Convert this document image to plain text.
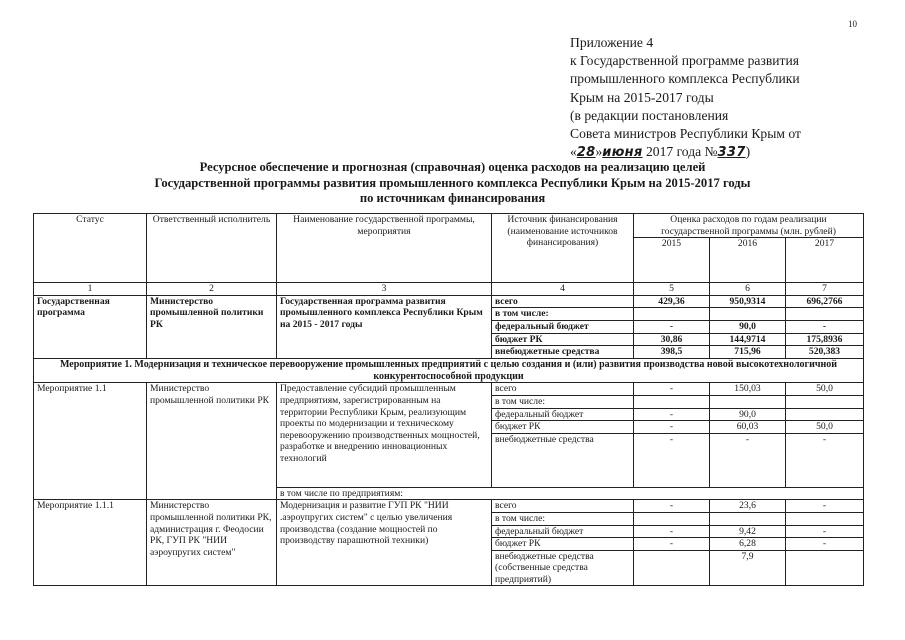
10
Приложение 4
к Государственной программе развития
промышленного комплекса Республики
Крым на 2015-2017 годы
(в редакции постановления
Совета министров Республики Крым от
«28»июня 2017 года №337)
Ресурсное обеспечение и прогнозная (справочная) оценка расходов на реализацию целей
Государственной программы развития промышленного комплекса Республики Крым на 2015-2017 годы
по источникам финансирования
Статус	Ответственный исполнитель	Наименование государственной программы, мероприятия	Источник финансирования (наименование источников финансирования)	Оценка расходов по годам реализации государственной программы (млн. рублей)		
				2015	2016	2017
1	2	3	4	5	6	7
Государственная программа	Министерство промышленной политики РК	Государственная программа развития промышленного комплекса Республики Крым на 2015 - 2017 годы	всего	429,36	950,9314	696,2766
			в том числе:			
			федеральный бюджет	-	90,0	-
			бюджет РК	30,86	144,9714	175,8936
			внебюджетные средства	398,5	715,96	520,383
Мероприятие 1. Модернизация и техническое перевооружение промышленных предприятий с целью создания и (или) развития производства новой высокотехнологичной конкурентоспособной продукции						
Мероприятие 1.1	Министерство промышленной политики РК	Предоставление субсидий промышленным предприятиям, зарегистрированным на территории Республики Крым, реализующим проекты по модернизации и техническому перевооружению производственных мощностей, разработке и внедрению инновационных технологий	всего	-	150,03	50,0
			в том числе:			
			федеральный бюджет	-	90,0	
			бюджет РК	-	60,03	50,0
			внебюджетные средства	-	-	-
		в том числе по предприятиям:				
Мероприятие 1.1.1	Министерство промышленной политики РК, администрация г. Феодосии РК, ГУП РК "НИИ аэроупругих систем"	Модернизация и развитие ГУП РК "НИИ .аэроупругих систем" с целью увеличения производства (создание мощностей по производству парашютной техники)	всего	-	23,6	-
			в том числе:			
			федеральный бюджет	-	9,42	-
			бюджет РК	-	6,28	-
			внебюджетные средства (собственные средства предприятий)		7,9	
